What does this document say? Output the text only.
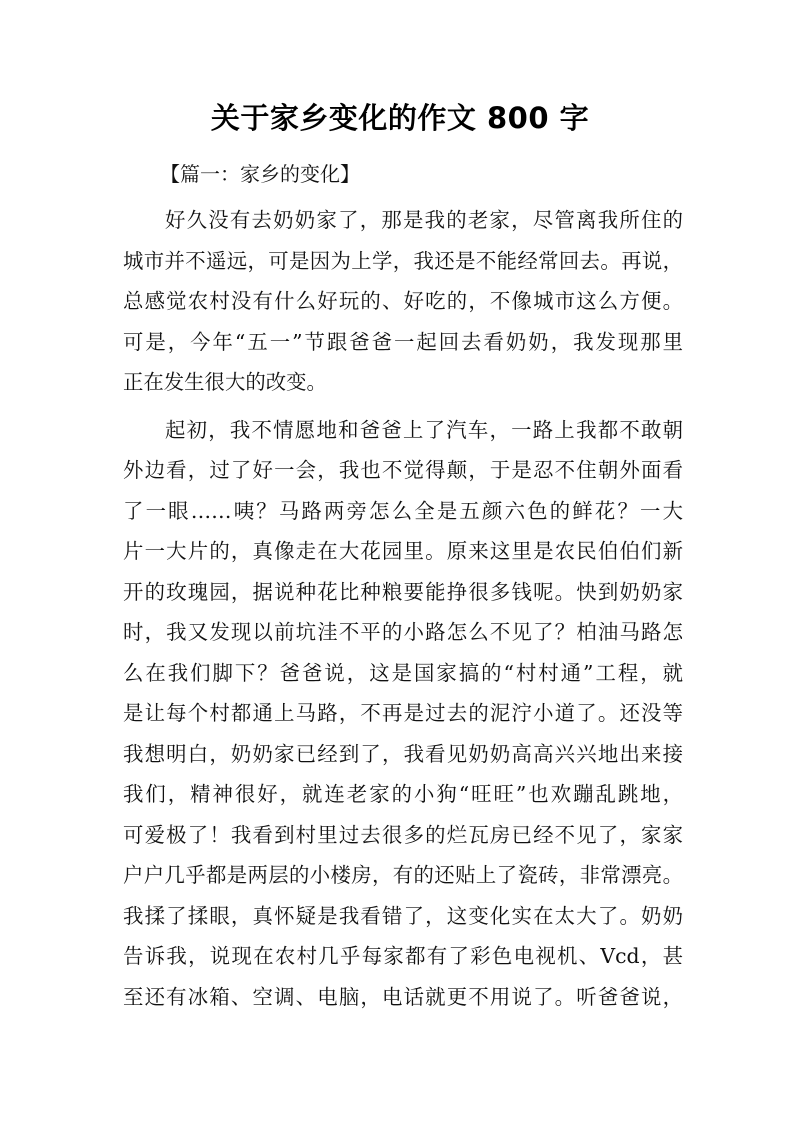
关于家乡变化的作文 800 字
【篇一：家乡的变化】
好久没有去奶奶家了，那是我的老家，尽管离我所住的
城市并不遥远，可是因为上学，我还是不能经常回去。再说，
总感觉农村没有什么好玩的、好吃的，不像城市这么方便。
可是，今年“五一”节跟爸爸一起回去看奶奶，我发现那里
正在发生很大的改变。
起初，我不情愿地和爸爸上了汽车，一路上我都不敢朝
外边看，过了好一会，我也不觉得颠，于是忍不住朝外面看
了一眼……咦？马路两旁怎么全是五颜六色的鲜花？一大
片一大片的，真像走在大花园里。原来这里是农民伯伯们新
开的玫瑰园，据说种花比种粮要能挣很多钱呢。快到奶奶家
时，我又发现以前坑洼不平的小路怎么不见了？柏油马路怎
么在我们脚下？爸爸说，这是国家搞的“村村通”工程，就
是让每个村都通上马路，不再是过去的泥泞小道了。还没等
我想明白，奶奶家已经到了，我看见奶奶高高兴兴地出来接
我们，精神很好，就连老家的小狗“旺旺”也欢蹦乱跳地，
可爱极了！我看到村里过去很多的烂瓦房已经不见了，家家
户户几乎都是两层的小楼房，有的还贴上了瓷砖，非常漂亮。
我揉了揉眼，真怀疑是我看错了，这变化实在太大了。奶奶
告诉我，说现在农村几乎每家都有了彩色电视机、Vcd，甚
至还有冰箱、空调、电脑，电话就更不用说了。听爸爸说，
